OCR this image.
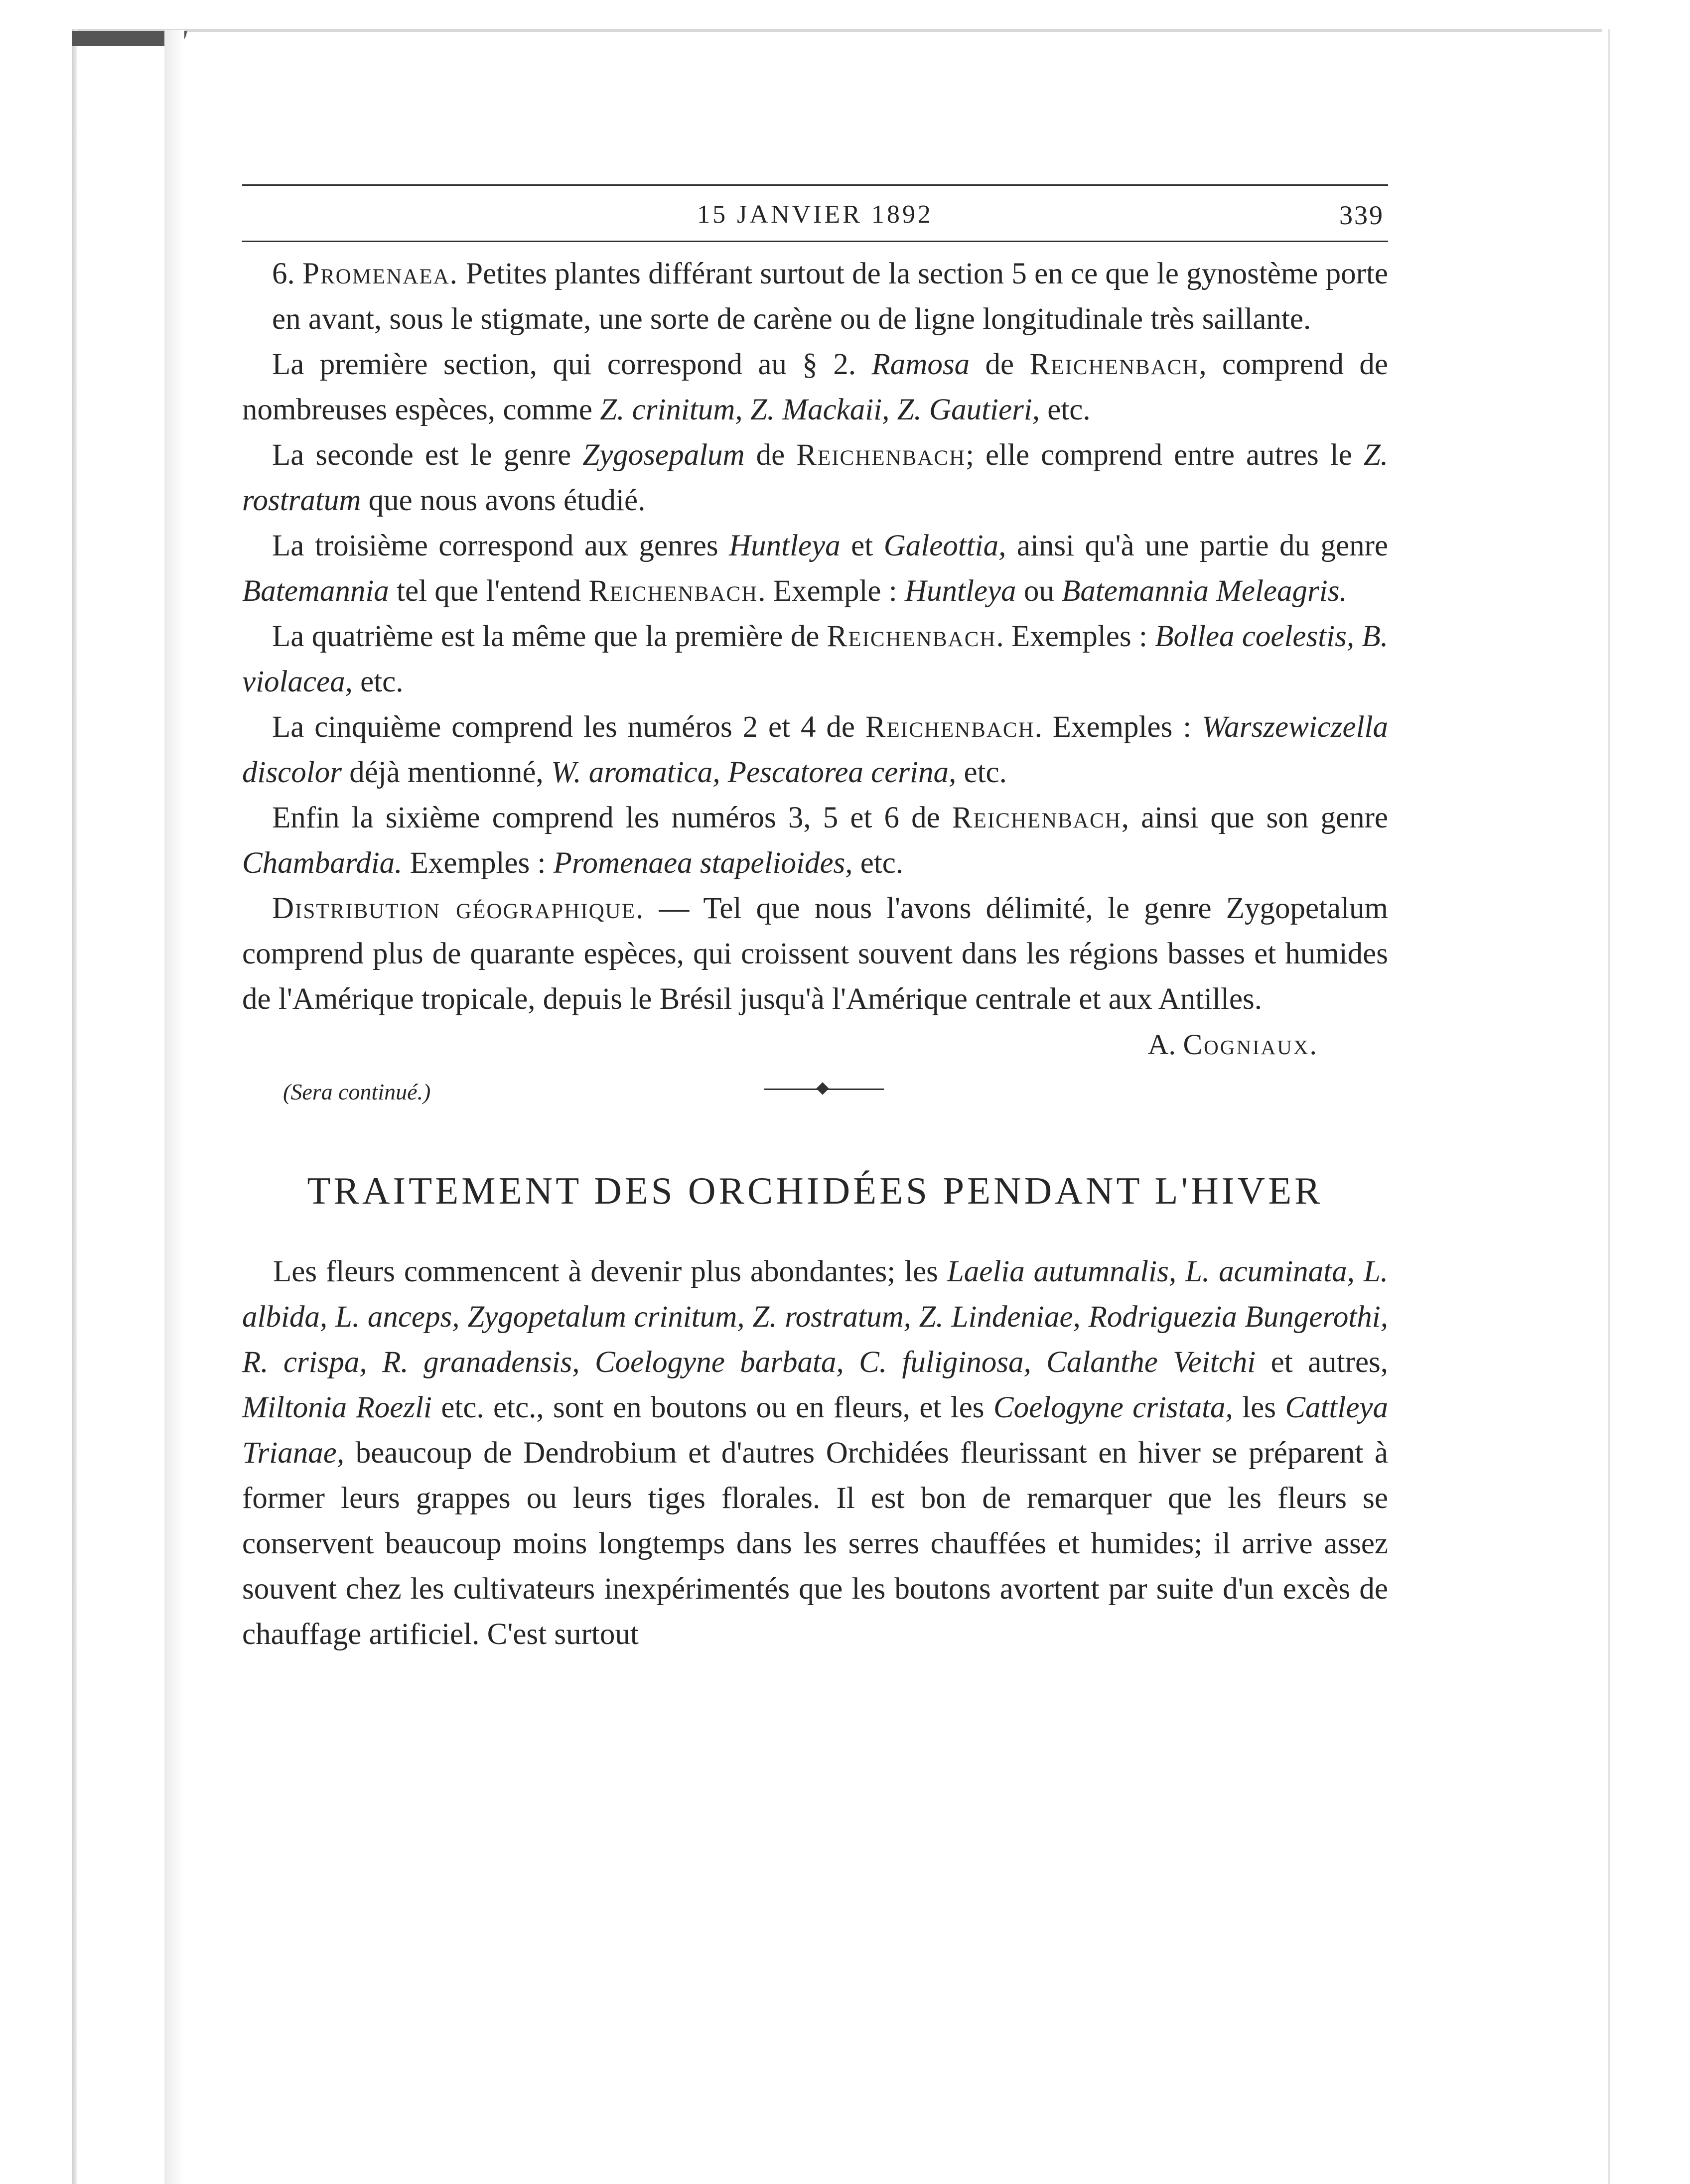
15 JANVIER 1892	339

6. Promenaea. Petites plantes différant surtout de la section 5 en ce que le gynostème porte en avant, sous le stigmate, une sorte de carène ou de ligne longitudinale très saillante.

La première section, qui correspond au § 2. Ramosa de Reichenbach, comprend de nombreuses espèces, comme Z. crinitum, Z. Mackaii, Z. Gautieri, etc.

La seconde est le genre Zygosepalum de Reichenbach; elle comprend entre autres le Z. rostratum que nous avons étudié.

La troisième correspond aux genres Huntleya et Galeottia, ainsi qu'à une partie du genre Batemannia tel que l'entend Reichenbach. Exemple : Huntleya ou Batemannia Meleagris.

La quatrième est la même que la première de Reichenbach. Exemples : Bollea coelestis, B. violacea, etc.

La cinquième comprend les numéros 2 et 4 de Reichenbach. Exemples : Warszewiczella discolor déjà mentionné, W. aromatica, Pescatorea cerina, etc.

Enfin la sixième comprend les numéros 3, 5 et 6 de Reichenbach, ainsi que son genre Chambardia. Exemples : Promenaea stapelioides, etc.

Distribution géographique. — Tel que nous l'avons délimité, le genre Zygopetalum comprend plus de quarante espèces, qui croissent souvent dans les régions basses et humides de l'Amérique tropicale, depuis le Brésil jusqu'à l'Amérique centrale et aux Antilles.

A. Cogniaux.
(Sera continué.)
TRAITEMENT DES ORCHIDÉES PENDANT L'HIVER

Les fleurs commencent à devenir plus abondantes; les Laelia autumnalis, L. acuminata, L. albida, L. anceps, Zygopetalum crinitum, Z. rostratum, Z. Lindeniae, Rodriguezia Bungerothi, R. crispa, R. granadensis, Coelogyne barbata, C. fuliginosa, Calanthe Veitchi et autres, Miltonia Roezli etc. etc., sont en boutons ou en fleurs, et les Coelogyne cristata, les Cattleya Trianae, beaucoup de Dendrobium et d'autres Orchidées fleurissant en hiver se préparent à former leurs grappes ou leurs tiges florales. Il est bon de remarquer que les fleurs se conservent beaucoup moins longtemps dans les serres chauffées et humides; il arrive assez souvent chez les cultivateurs inexpérimentés que les boutons avortent par suite d'un excès de chauffage artificiel. C'est surtout
